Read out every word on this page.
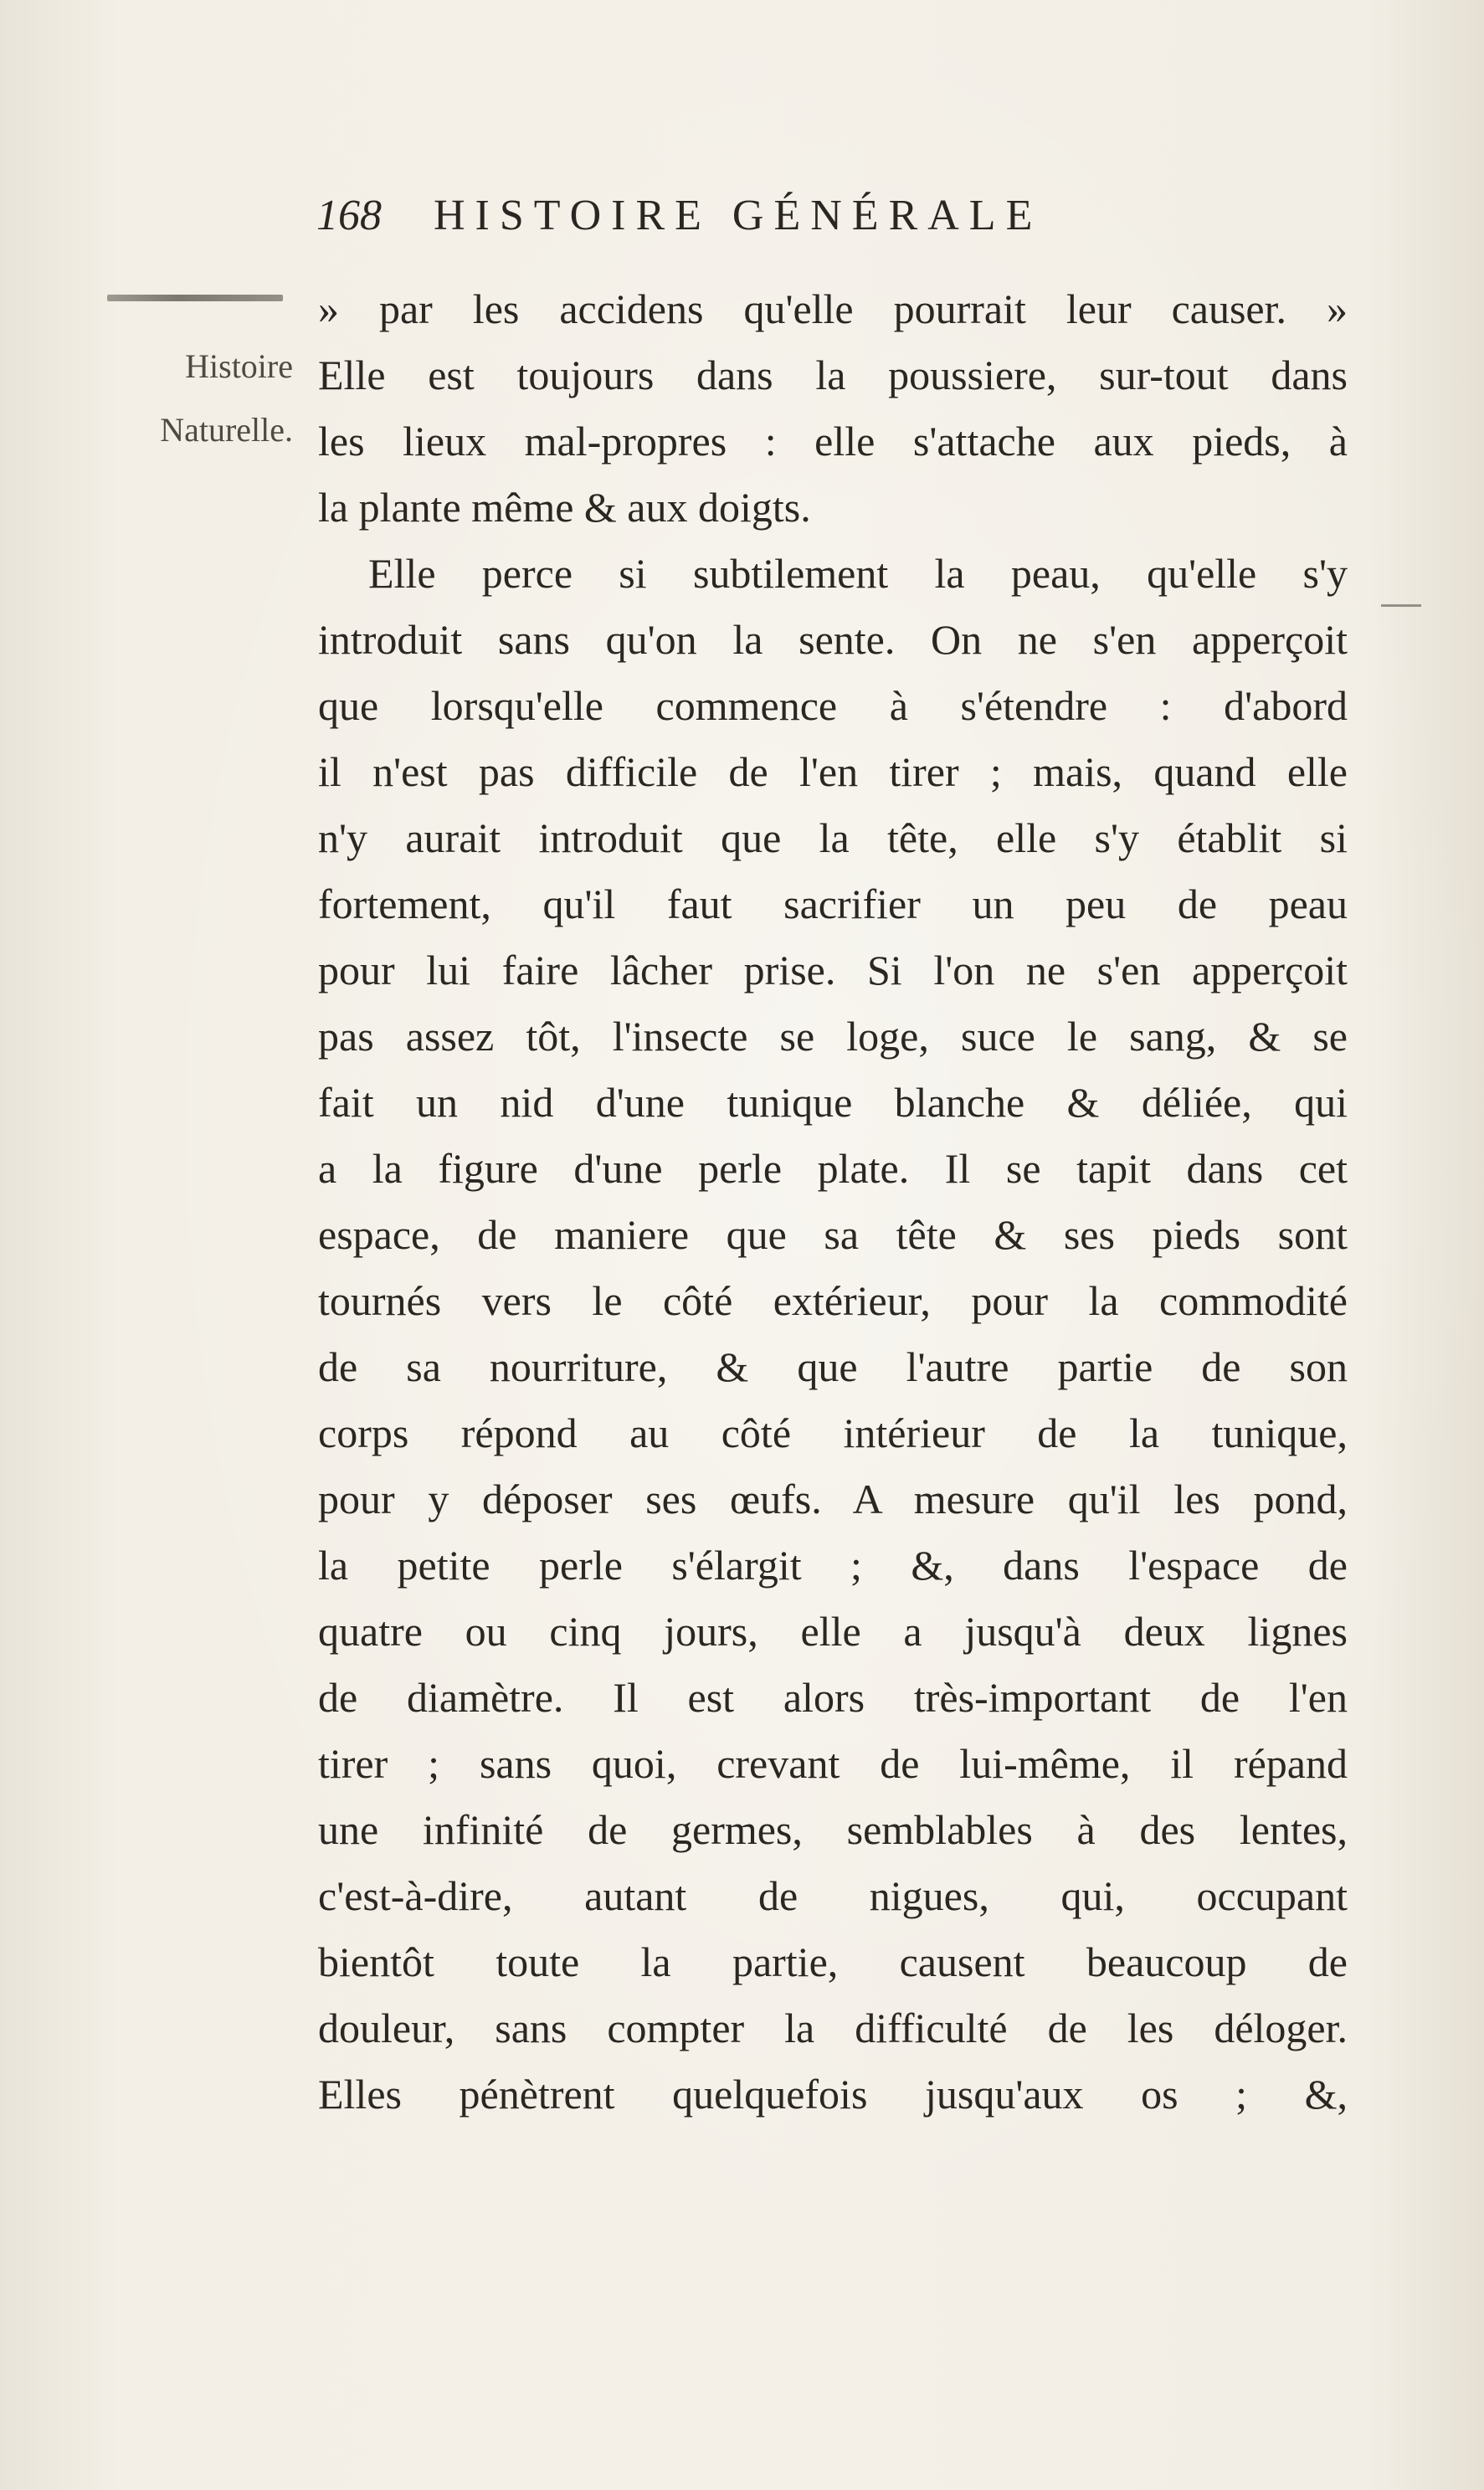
168	HISTOIRE GÉNÉRALE
Histoire
Naturelle.
» par les accidens qu'elle pourrait leur causer. »
Elle est toujours dans la poussiere, sur-tout dans
les lieux mal-propres : elle s'attache aux pieds, à
la plante même & aux doigts.
Elle perce si subtilement la peau, qu'elle s'y
introduit sans qu'on la sente. On ne s'en apperçoit
que lorsqu'elle commence à s'étendre : d'abord
il n'est pas difficile de l'en tirer ; mais, quand elle
n'y aurait introduit que la tête, elle s'y établit si
fortement, qu'il faut sacrifier un peu de peau
pour lui faire lâcher prise. Si l'on ne s'en apperçoit
pas assez tôt, l'insecte se loge, suce le sang, & se
fait un nid d'une tunique blanche & déliée, qui
a la figure d'une perle plate. Il se tapit dans cet
espace, de maniere que sa tête & ses pieds sont
tournés vers le côté extérieur, pour la commodité
de sa nourriture, & que l'autre partie de son
corps répond au côté intérieur de la tunique,
pour y déposer ses œufs. A mesure qu'il les pond,
la petite perle s'élargit ; &, dans l'espace de
quatre ou cinq jours, elle a jusqu'à deux lignes
de diamètre. Il est alors très-important de l'en
tirer ; sans quoi, crevant de lui-même, il répand
une infinité de germes, semblables à des lentes,
c'est-à-dire, autant de nigues, qui, occupant
bientôt toute la partie, causent beaucoup de
douleur, sans compter la difficulté de les déloger.
Elles pénètrent quelquefois jusqu'aux os ; &,
